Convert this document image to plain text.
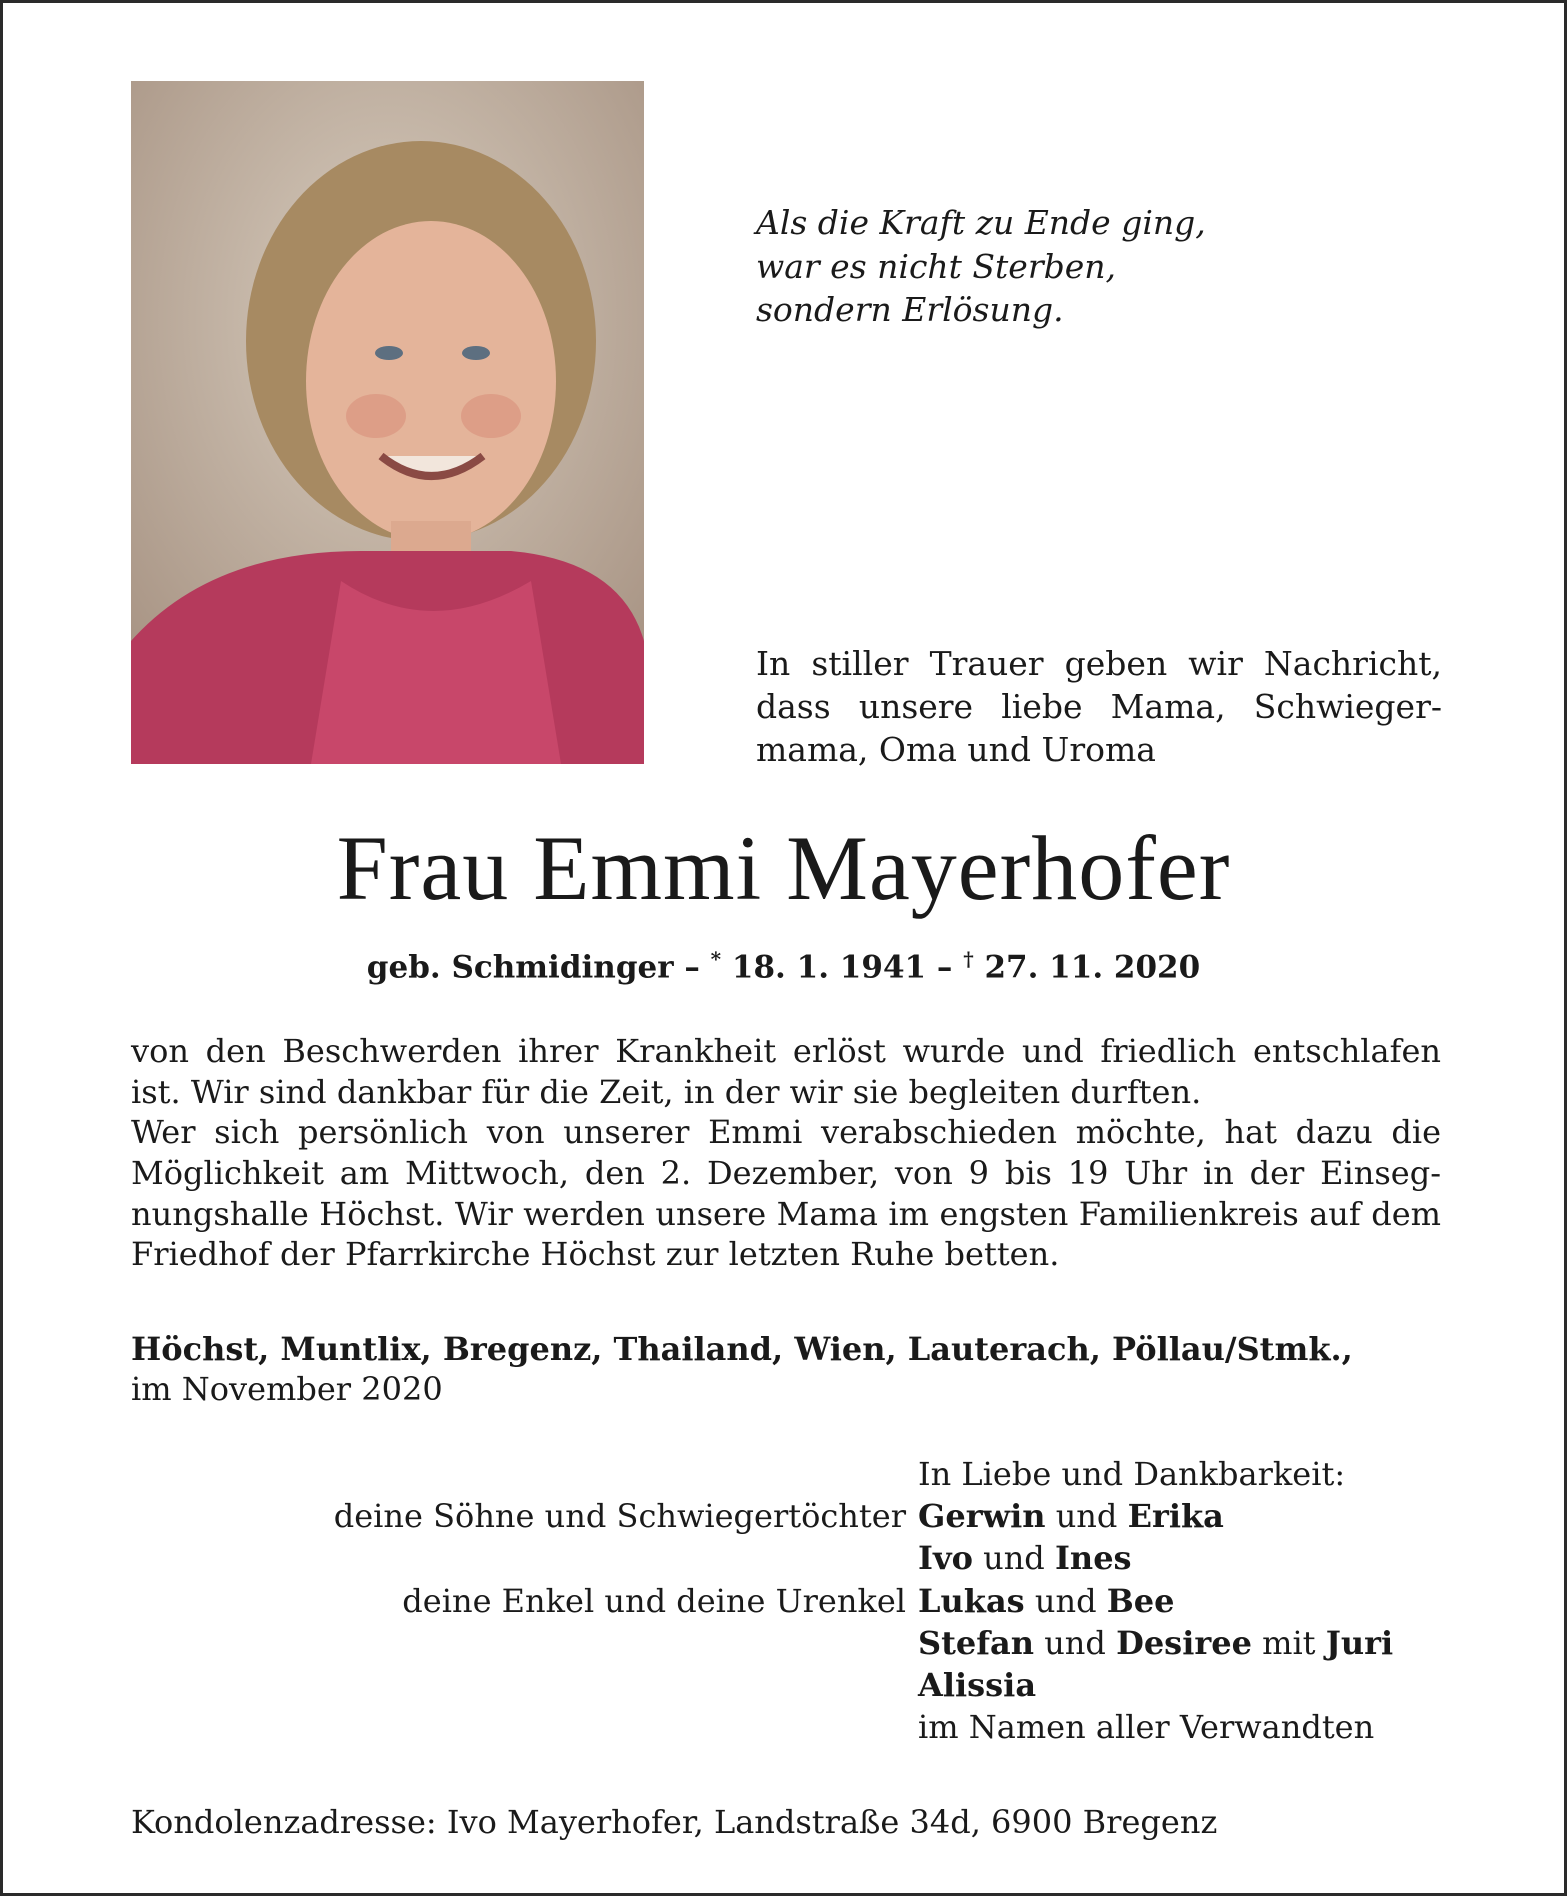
Als die Kraft zu Ende ging,
war es nicht Sterben,
sondern Erlösung.
In stiller Trauer geben wir Nachricht, dass unsere liebe Mama, Schwieger-mama, Oma und Uroma
Frau Emmi Mayerhofer
geb. Schmidinger – * 18. 1. 1941 – † 27. 11. 2020

von den Beschwerden ihrer Krankheit erlöst wurde und friedlich entschlafen ist. Wir sind dankbar für die Zeit, in der wir sie begleiten durften.

Wer sich persönlich von unserer Emmi verabschieden möchte, hat dazu die Möglichkeit am Mittwoch, den 2. Dezember, von 9 bis 19 Uhr in der Einseg-nungshalle Höchst. Wir werden unsere Mama im engsten Familienkreis auf dem Friedhof der Pfarrkirche Höchst zur letzten Ruhe betten.

Höchst, Muntlix, Bregenz, Thailand, Wien, Lauterach, Pöllau/Stmk.,
im November 2020
In Liebe und Dankbarkeit:
deine Söhne und Schwiegertöchter Gerwin und Erika
Ivo und Ines
deine Enkel und deine Urenkel Lukas und Bee
Stefan und Desiree mit Juri
Alissia
im Namen aller Verwandten
Kondolenzadresse: Ivo Mayerhofer, Landstraße 34d, 6900 Bregenz
